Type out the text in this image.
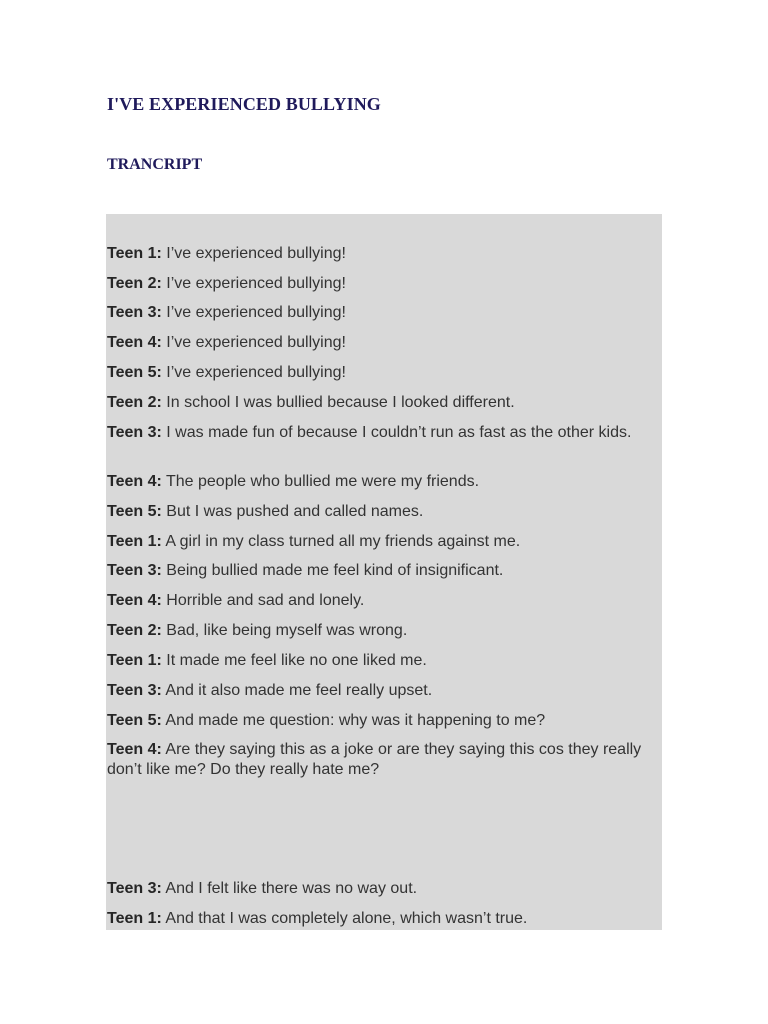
I'VE EXPERIENCED BULLYING
TRANCRIPT

Teen 1: I’ve experienced bullying!

Teen 2: I’ve experienced bullying!

Teen 3: I’ve experienced bullying!

Teen 4: I’ve experienced bullying!

Teen 5: I’ve experienced bullying!

Teen 2: In school I was bullied because I looked different.

Teen 3: I was made fun of because I couldn’t run as fast as the other kids.

Teen 4: The people who bullied me were my friends.

Teen 5: But I was pushed and called names.

Teen 1: A girl in my class turned all my friends against me.

Teen 3: Being bullied made me feel kind of insignificant.

Teen 4: Horrible and sad and lonely.

Teen 2: Bad, like being myself was wrong.

Teen 1: It made me feel like no one liked me.

Teen 3: And it also made me feel really upset.

Teen 5: And made me question: why was it happening to me?

Teen 4: Are they saying this as a joke or are they saying this cos they really don’t like me? Do they really hate me?

Teen 3: And I felt like there was no way out.

Teen 1: And that I was completely alone, which wasn’t true.
